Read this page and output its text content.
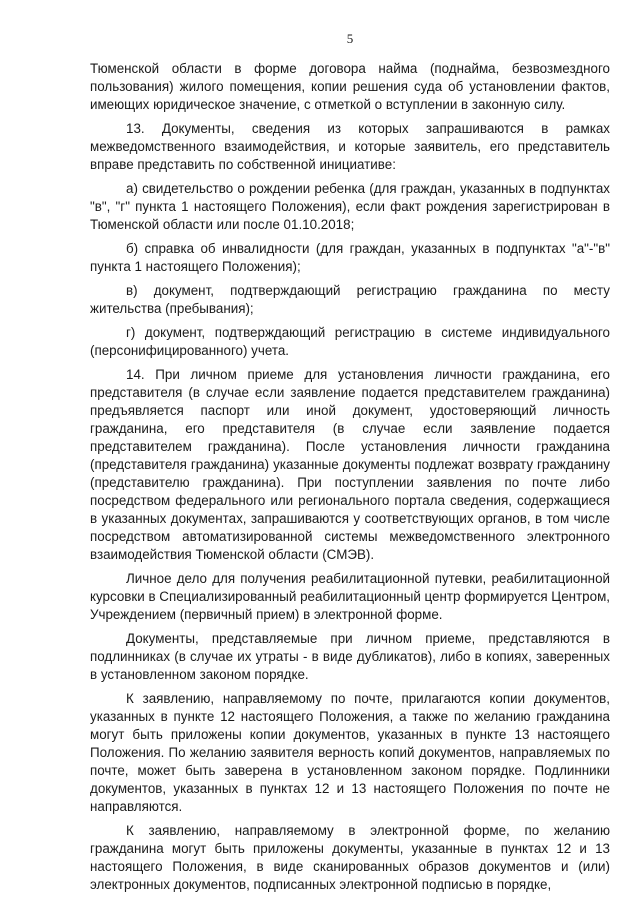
5

Тюменской области в форме договора найма (поднайма, безвозмездного пользования) жилого помещения, копии решения суда об установлении фактов, имеющих юридическое значение, с отметкой о вступлении в законную силу.

13. Документы, сведения из которых запрашиваются в рамках межведомственного взаимодействия, и которые заявитель, его представитель вправе представить по собственной инициативе:

а) свидетельство о рождении ребенка (для граждан, указанных в подпунктах "в", "г" пункта 1 настоящего Положения), если факт рождения зарегистрирован в Тюменской области или после 01.10.2018;

б) справка об инвалидности (для граждан, указанных в подпунктах "а"-"в" пункта 1 настоящего Положения);

в) документ, подтверждающий регистрацию гражданина по месту жительства (пребывания);

г) документ, подтверждающий регистрацию в системе индивидуального (персонифицированного) учета.

14. При личном приеме для установления личности гражданина, его представителя (в случае если заявление подается представителем гражданина) предъявляется паспорт или иной документ, удостоверяющий личность гражданина, его представителя (в случае если заявление подается представителем гражданина). После установления личности гражданина (представителя гражданина) указанные документы подлежат возврату гражданину (представителю гражданина). При поступлении заявления по почте либо посредством федерального или регионального портала сведения, содержащиеся в указанных документах, запрашиваются у соответствующих органов, в том числе посредством автоматизированной системы межведомственного электронного взаимодействия Тюменской области (СМЭВ).

Личное дело для получения реабилитационной путевки, реабилитационной курсовки в Специализированный реабилитационный центр формируется Центром, Учреждением (первичный прием) в электронной форме.

Документы, представляемые при личном приеме, представляются в подлинниках (в случае их утраты - в виде дубликатов), либо в копиях, заверенных в установленном законом порядке.

К заявлению, направляемому по почте, прилагаются копии документов, указанных в пункте 12 настоящего Положения, а также по желанию гражданина могут быть приложены копии документов, указанных в пункте 13 настоящего Положения. По желанию заявителя верность копий документов, направляемых по почте, может быть заверена в установленном законом порядке. Подлинники документов, указанных в пунктах 12 и 13 настоящего Положения по почте не направляются.

К заявлению, направляемому в электронной форме, по желанию гражданина могут быть приложены документы, указанные в пунктах 12 и 13 настоящего Положения, в виде сканированных образов документов и (или) электронных документов, подписанных электронной подписью в порядке,
